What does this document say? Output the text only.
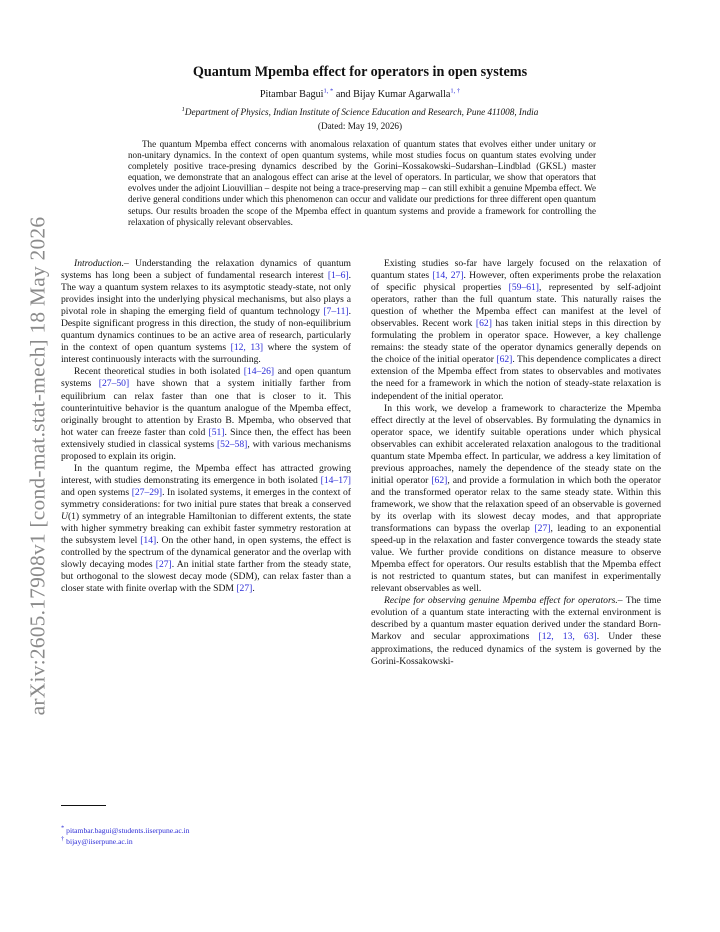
arXiv:2605.17908v1 [cond-mat.stat-mech] 18 May 2026
Quantum Mpemba effect for operators in open systems
Pitambar Bagui$^{1, *}$ and Bijay Kumar Agarwalla$^{1, \dagger}$
$^1$Department of Physics, Indian Institute of Science Education and Research, Pune 411008, India
(Dated: May 19, 2026)
The quantum Mpemba effect concerns with anomalous relaxation of quantum states that evolves either under unitary or non-unitary dynamics. In the context of open quantum systems, while most studies focus on quantum states evolving under completely positive trace-presing dynamics described by the Gorini–Kossakowski–Sudarshan–Lindblad (GKSL) master equation, we demonstrate that an analogous effect can arise at the level of operators. In particular, we show that operators that evolves under the adjoint Liouvillian – despite not being a trace-preserving map – can still exhibit a genuine Mpemba effect. We derive general conditions under which this phenomenon can occur and validate our predictions for three different open quantum setups. Our results broaden the scope of the Mpemba effect in quantum systems and provide a framework for controlling the relaxation of physically relevant observables.

Introduction.– Understanding the relaxation dynamics of quantum systems has long been a subject of fundamental research interest [1–6]. The way a quantum system relaxes to its asymptotic steady-state, not only provides insight into the underlying physical mechanisms, but also plays a pivotal role in shaping the emerging field of quantum technology [7–11]. Despite significant progress in this direction, the study of non-equilibrium quantum dynamics continues to be an active area of research, particularly in the context of open quantum systems [12, 13] where the system of interest continuously interacts with the surrounding.

Recent theoretical studies in both isolated [14–26] and open quantum systems [27–50] have shown that a system initially farther from equilibrium can relax faster than one that is closer to it. This counterintuitive behavior is the quantum analogue of the Mpemba effect, originally brought to attention by Erasto B. Mpemba, who observed that hot water can freeze faster than cold [51]. Since then, the effect has been extensively studied in classical systems [52–58], with various mechanisms proposed to explain its origin.

In the quantum regime, the Mpemba effect has attracted growing interest, with studies demonstrating its emergence in both isolated [14–17] and open systems [27–29]. In isolated systems, it emerges in the context of symmetry considerations: for two initial pure states that break a conserved U(1) symmetry of an integrable Hamiltonian to different extents, the state with higher symmetry breaking can exhibit faster symmetry restoration at the subsystem level [14]. On the other hand, in open systems, the effect is controlled by the spectrum of the dynamical generator and the overlap with slowly decaying modes [27]. An initial state farther from the steady state, but orthogonal to the slowest decay mode (SDM), can relax faster than a closer state with finite overlap with the SDM [27].

Existing studies so-far have largely focused on the relaxation of quantum states [14, 27]. However, often experiments probe the relaxation of specific physical properties [59–61], represented by self-adjoint operators, rather than the full quantum state. This naturally raises the question of whether the Mpemba effect can manifest at the level of observables. Recent work [62] has taken initial steps in this direction by formulating the problem in operator space. However, a key challenge remains: the steady state of the operator dynamics generally depends on the choice of the initial operator [62]. This dependence complicates a direct extension of the Mpemba effect from states to observables and motivates the need for a framework in which the notion of steady-state relaxation is independent of the initial operator.

In this work, we develop a framework to characterize the Mpemba effect directly at the level of observables. By formulating the dynamics in operator space, we identify suitable operations under which physical observables can exhibit accelerated relaxation analogous to the traditional quantum state Mpemba effect. In particular, we address a key limitation of previous approaches, namely the dependence of the steady state on the initial operator [62], and provide a formulation in which both the operator and the transformed operator relax to the same steady state. Within this framework, we show that the relaxation speed of an observable is governed by its overlap with its slowest decay modes, and that appropriate transformations can bypass the overlap [27], leading to an exponential speed-up in the relaxation and faster convergence towards the steady state value. We further provide conditions on distance measure to observe Mpemba effect for operators. Our results establish that the Mpemba effect is not restricted to quantum states, but can manifest in experimentally relevant observables as well.

Recipe for observing genuine Mpemba effect for operators.– The time evolution of a quantum state interacting with the external environment is described by a quantum master equation derived under the standard Born-Markov and secular approximations [12, 13, 63]. Under these approximations, the reduced dynamics of the system is governed by the Gorini-Kossakowski-

* pitambar.bagui@students.iiserpune.ac.in
† bijay@iiserpune.ac.in
